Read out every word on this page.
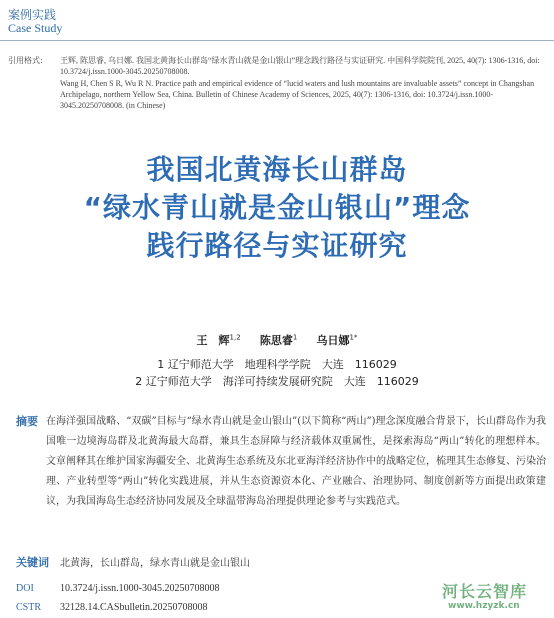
案例实践
Case Study
引用格式: 王辉, 陈思睿, 乌日娜. 我国北黄海长山群岛“绿水青山就是金山银山”理念践行路径与实证研究. 中国科学院院刊, 2025, 40(7): 1306-1316, doi: 10.3724/j.issn.1000-3045.20250708008.
Wang H, Chen S R, Wu R N. Practice path and empirical evidence of “lucid waters and lush mountains are invaluable assets” concept in Changshan Archipelago, northern Yellow Sea, China. Bulletin of Chinese Academy of Sciences, 2025, 40(7): 1306-1316, doi: 10.3724/j.issn.1000-3045.20250708008. (in Chinese)
我国北黄海长山群岛
“绿水青山就是金山银山”理念
践行路径与实证研究
王　辉$^{1,2}$ 陈思睿$^1$ 乌日娜$^{1*}$
1 辽宁师范大学　地理科学学院　大连　116029
2 辽宁师范大学　海洋可持续发展研究院　大连　116029
摘要 在海洋强国战略、“双碳”目标与“绿水青山就是金山银山”(以下简称“两山”)理念深度融合背景下，长山群岛作为我国唯一边境海岛群及北黄海最大岛群，兼具生态屏障与经济载体双重属性，是探索海岛“两山”转化的理想样本。文章阐释其在维护国家海疆安全、北黄海生态系统及东北亚海洋经济协作中的战略定位，梳理其生态修复、污染治理、产业转型等“两山”转化实践进展，并从生态资源资本化、产业融合、治理协同、制度创新等方面提出政策建议，为我国海岛生态经济协同发展及全球温带海岛治理提供理论参考与实践范式。
关键词 北黄海，长山群岛，绿水青山就是金山银山
DOI	10.3724/j.issn.1000-3045.20250708008
CSTR 32128.14.CASbulletin.20250708008
河长云智库
www.hzyzk.cn
